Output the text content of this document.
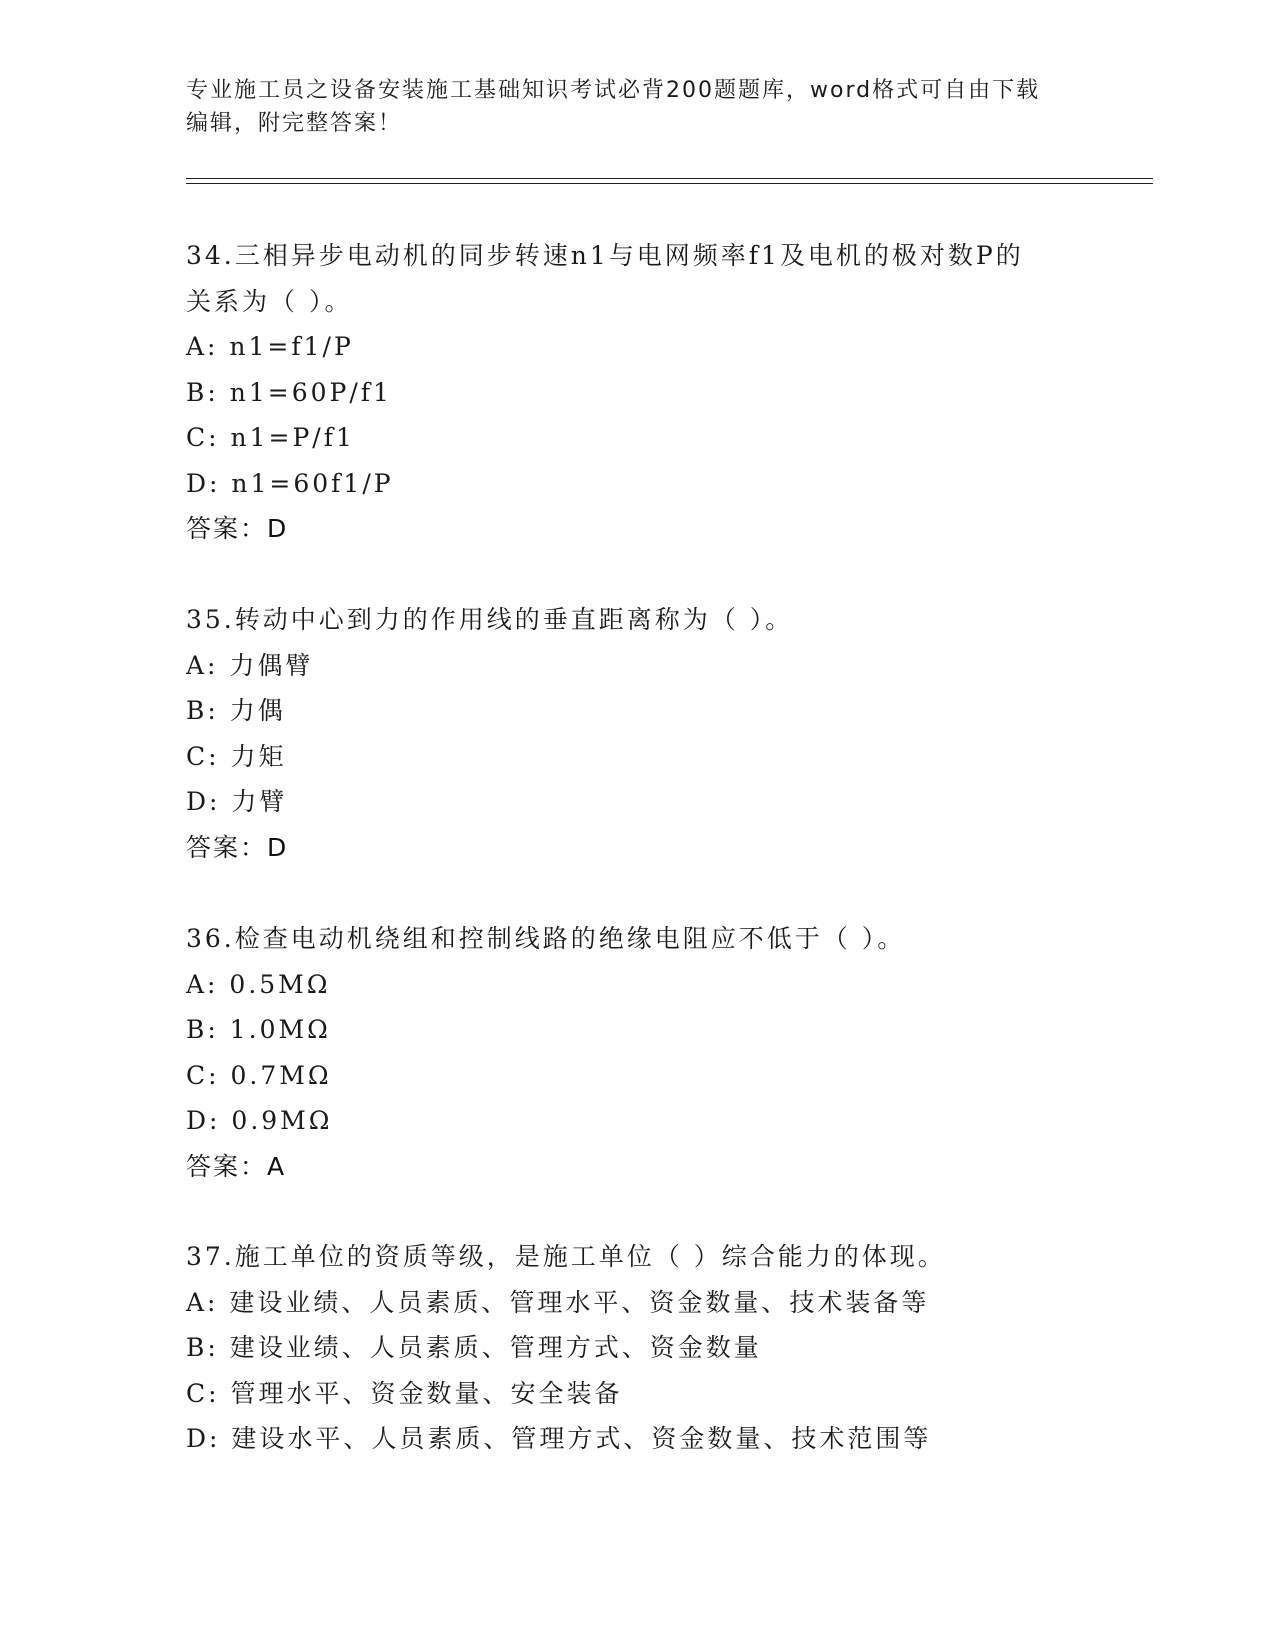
专业施工员之设备安装施工基础知识考试必背200题题库，word格式可自由下载
编辑，附完整答案！
34.三相异步电动机的同步转速n1与电网频率f1及电机的极对数P的
关系为（ ）。
A: n1=f1/P
B: n1=60P/f1
C: n1=P/f1
D: n1=60f1/P
答案：D
35.转动中心到力的作用线的垂直距离称为（ ）。
A: 力偶臂
B: 力偶
C: 力矩
D: 力臂
答案：D
36.检查电动机绕组和控制线路的绝缘电阻应不低于（ ）。
A: 0.5MΩ
B: 1.0MΩ
C: 0.7MΩ
D: 0.9MΩ
答案：A
37.施工单位的资质等级，是施工单位（ ）综合能力的体现。
A: 建设业绩、人员素质、管理水平、资金数量、技术装备等
B: 建设业绩、人员素质、管理方式、资金数量
C: 管理水平、资金数量、安全装备
D: 建设水平、人员素质、管理方式、资金数量、技术范围等
